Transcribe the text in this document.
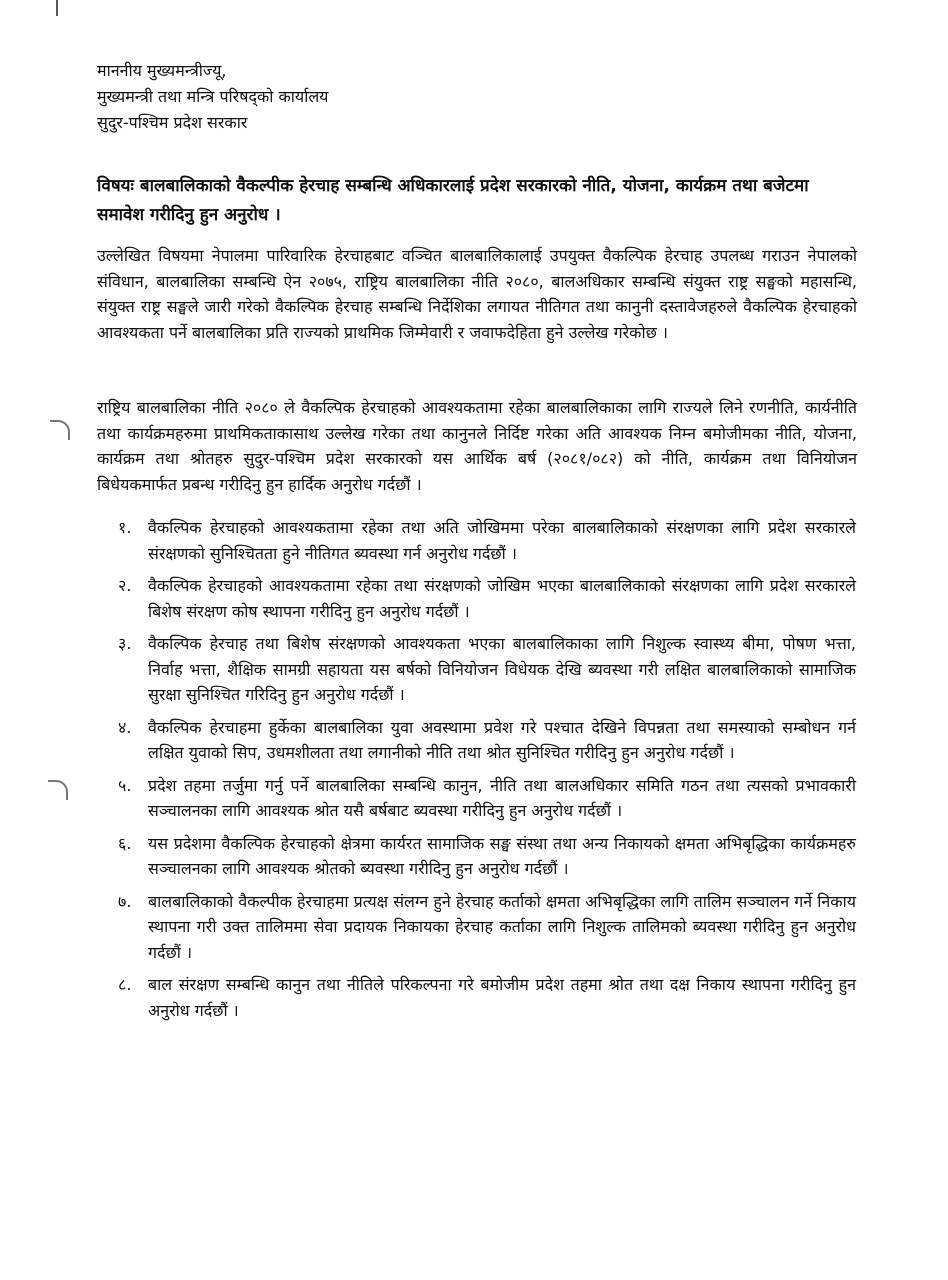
माननीय मुख्यमन्त्रीज्यू,

मुख्यमन्त्री तथा मन्त्रि परिषद्को कार्यालय

सुदुर-पश्चिम प्रदेश सरकार

विषयः बालबालिकाको वैकल्पीक हेरचाह सम्बन्धि अधिकारलाई प्रदेश सरकारको नीति, योजना, कार्यक्रम तथा बजेटमा समावेश गरीदिनु हुन अनुरोध ।

उल्लेखित विषयमा नेपालमा पारिवारिक हेरचाहबाट वञ्चित बालबालिकालाई उपयुक्त वैकल्पिक हेरचाह उपलब्ध गराउन नेपालको संविधान, बालबालिका सम्बन्धि ऐन २०७५, राष्ट्रिय बालबालिका नीति २०८०, बालअधिकार सम्बन्धि संयुक्त राष्ट्र सङ्घको महासन्धि, संयुक्त राष्ट्र सङ्घले जारी गरेको वैकल्पिक हेरचाह सम्बन्धि निर्देशिका लगायत नीतिगत तथा कानुनी दस्तावेजहरुले वैकल्पिक हेरचाहको आवश्यकता पर्ने बालबालिका प्रति राज्यको प्राथमिक जिम्मेवारी र जवाफदेहिता हुने उल्लेख गरेकोछ ।

राष्ट्रिय बालबालिका नीति २०८० ले वैकल्पिक हेरचाहको आवश्यकतामा रहेका बालबालिकाका लागि राज्यले लिने रणनीति, कार्यनीति तथा कार्यक्रमहरुमा प्राथमिकताकासाथ उल्लेख गरेका तथा कानुनले निर्दिष्ट गरेका अति आवश्यक निम्न बमोजीमका नीति, योजना, कार्यक्रम तथा श्रोतहरु सुदुर-पश्चिम प्रदेश सरकारको यस आर्थिक बर्ष (२०८१/०८२) को नीति, कार्यक्रम तथा विनियोजन बिधेयकमार्फत प्रबन्ध गरीदिनु हुन हार्दिक अनुरोध गर्दछौं ।

१.	वैकल्पिक हेरचाहको आवश्यकतामा रहेका तथा अति जोखिममा परेका बालबालिकाको संरक्षणका लागि प्रदेश सरकारले संरक्षणको सुनिश्चितता हुने नीतिगत ब्यवस्था गर्न अनुरोध गर्दछौं ।
२.	वैकल्पिक हेरचाहको आवश्यकतामा रहेका तथा संरक्षणको जोखिम भएका बालबालिकाको संरक्षणका लागि प्रदेश सरकारले बिशेष संरक्षण कोष स्थापना गरीदिनु हुन अनुरोध गर्दछौं ।
३.	वैकल्पिक हेरचाह तथा बिशेष संरक्षणको आवश्यकता भएका बालबालिकाका लागि निशुल्क स्वास्थ्य बीमा, पोषण भत्ता, निर्वाह भत्ता, शैक्षिक सामग्री सहायता यस बर्षको विनियोजन विधेयक देखि ब्यवस्था गरी लक्षित बालबालिकाको सामाजिक सुरक्षा सुनिश्चित गरिदिनु हुन अनुरोध गर्दछौं ।
४.	वैकल्पिक हेरचाहमा हुर्केका बालबालिका युवा अवस्थामा प्रवेश गरे पश्चात देखिने विपन्नता तथा समस्याको सम्बोधन गर्न लक्षित युवाको सिप, उधमशीलता तथा लगानीको नीति तथा श्रोत सुनिश्चित गरीदिनु हुन अनुरोध गर्दछौं ।
५.	प्रदेश तहमा तर्जुमा गर्नु पर्ने बालबालिका सम्बन्धि कानुन, नीति तथा बालअधिकार समिति गठन तथा त्यसको प्रभावकारी सञ्चालनका लागि आवश्यक श्रोत यसै बर्षबाट ब्यवस्था गरीदिनु हुन अनुरोध गर्दछौं ।
६.	यस प्रदेशमा वैकल्पिक हेरचाहको क्षेत्रमा कार्यरत सामाजिक सङ्घ संस्था तथा अन्य निकायको क्षमता अभिबृद्धिका कार्यक्रमहरु सञ्चालनका लागि आवश्यक श्रोतको ब्यवस्था गरीदिनु हुन अनुरोध गर्दछौं ।
७.	बालबालिकाको वैकल्पीक हेरचाहमा प्रत्यक्ष संलग्न हुने हेरचाह कर्ताको क्षमता अभिबृद्धिका लागि तालिम सञ्चालन गर्ने निकाय स्थापना गरी उक्त तालिममा सेवा प्रदायक निकायका हेरचाह कर्ताका लागि निशुल्क तालिमको ब्यवस्था गरीदिनु हुन अनुरोध गर्दछौं ।
८.	बाल संरक्षण सम्बन्धि कानुन तथा नीतिले परिकल्पना गरे बमोजीम प्रदेश तहमा श्रोत तथा दक्ष निकाय स्थापना गरीदिनु हुन अनुरोध गर्दछौं ।
